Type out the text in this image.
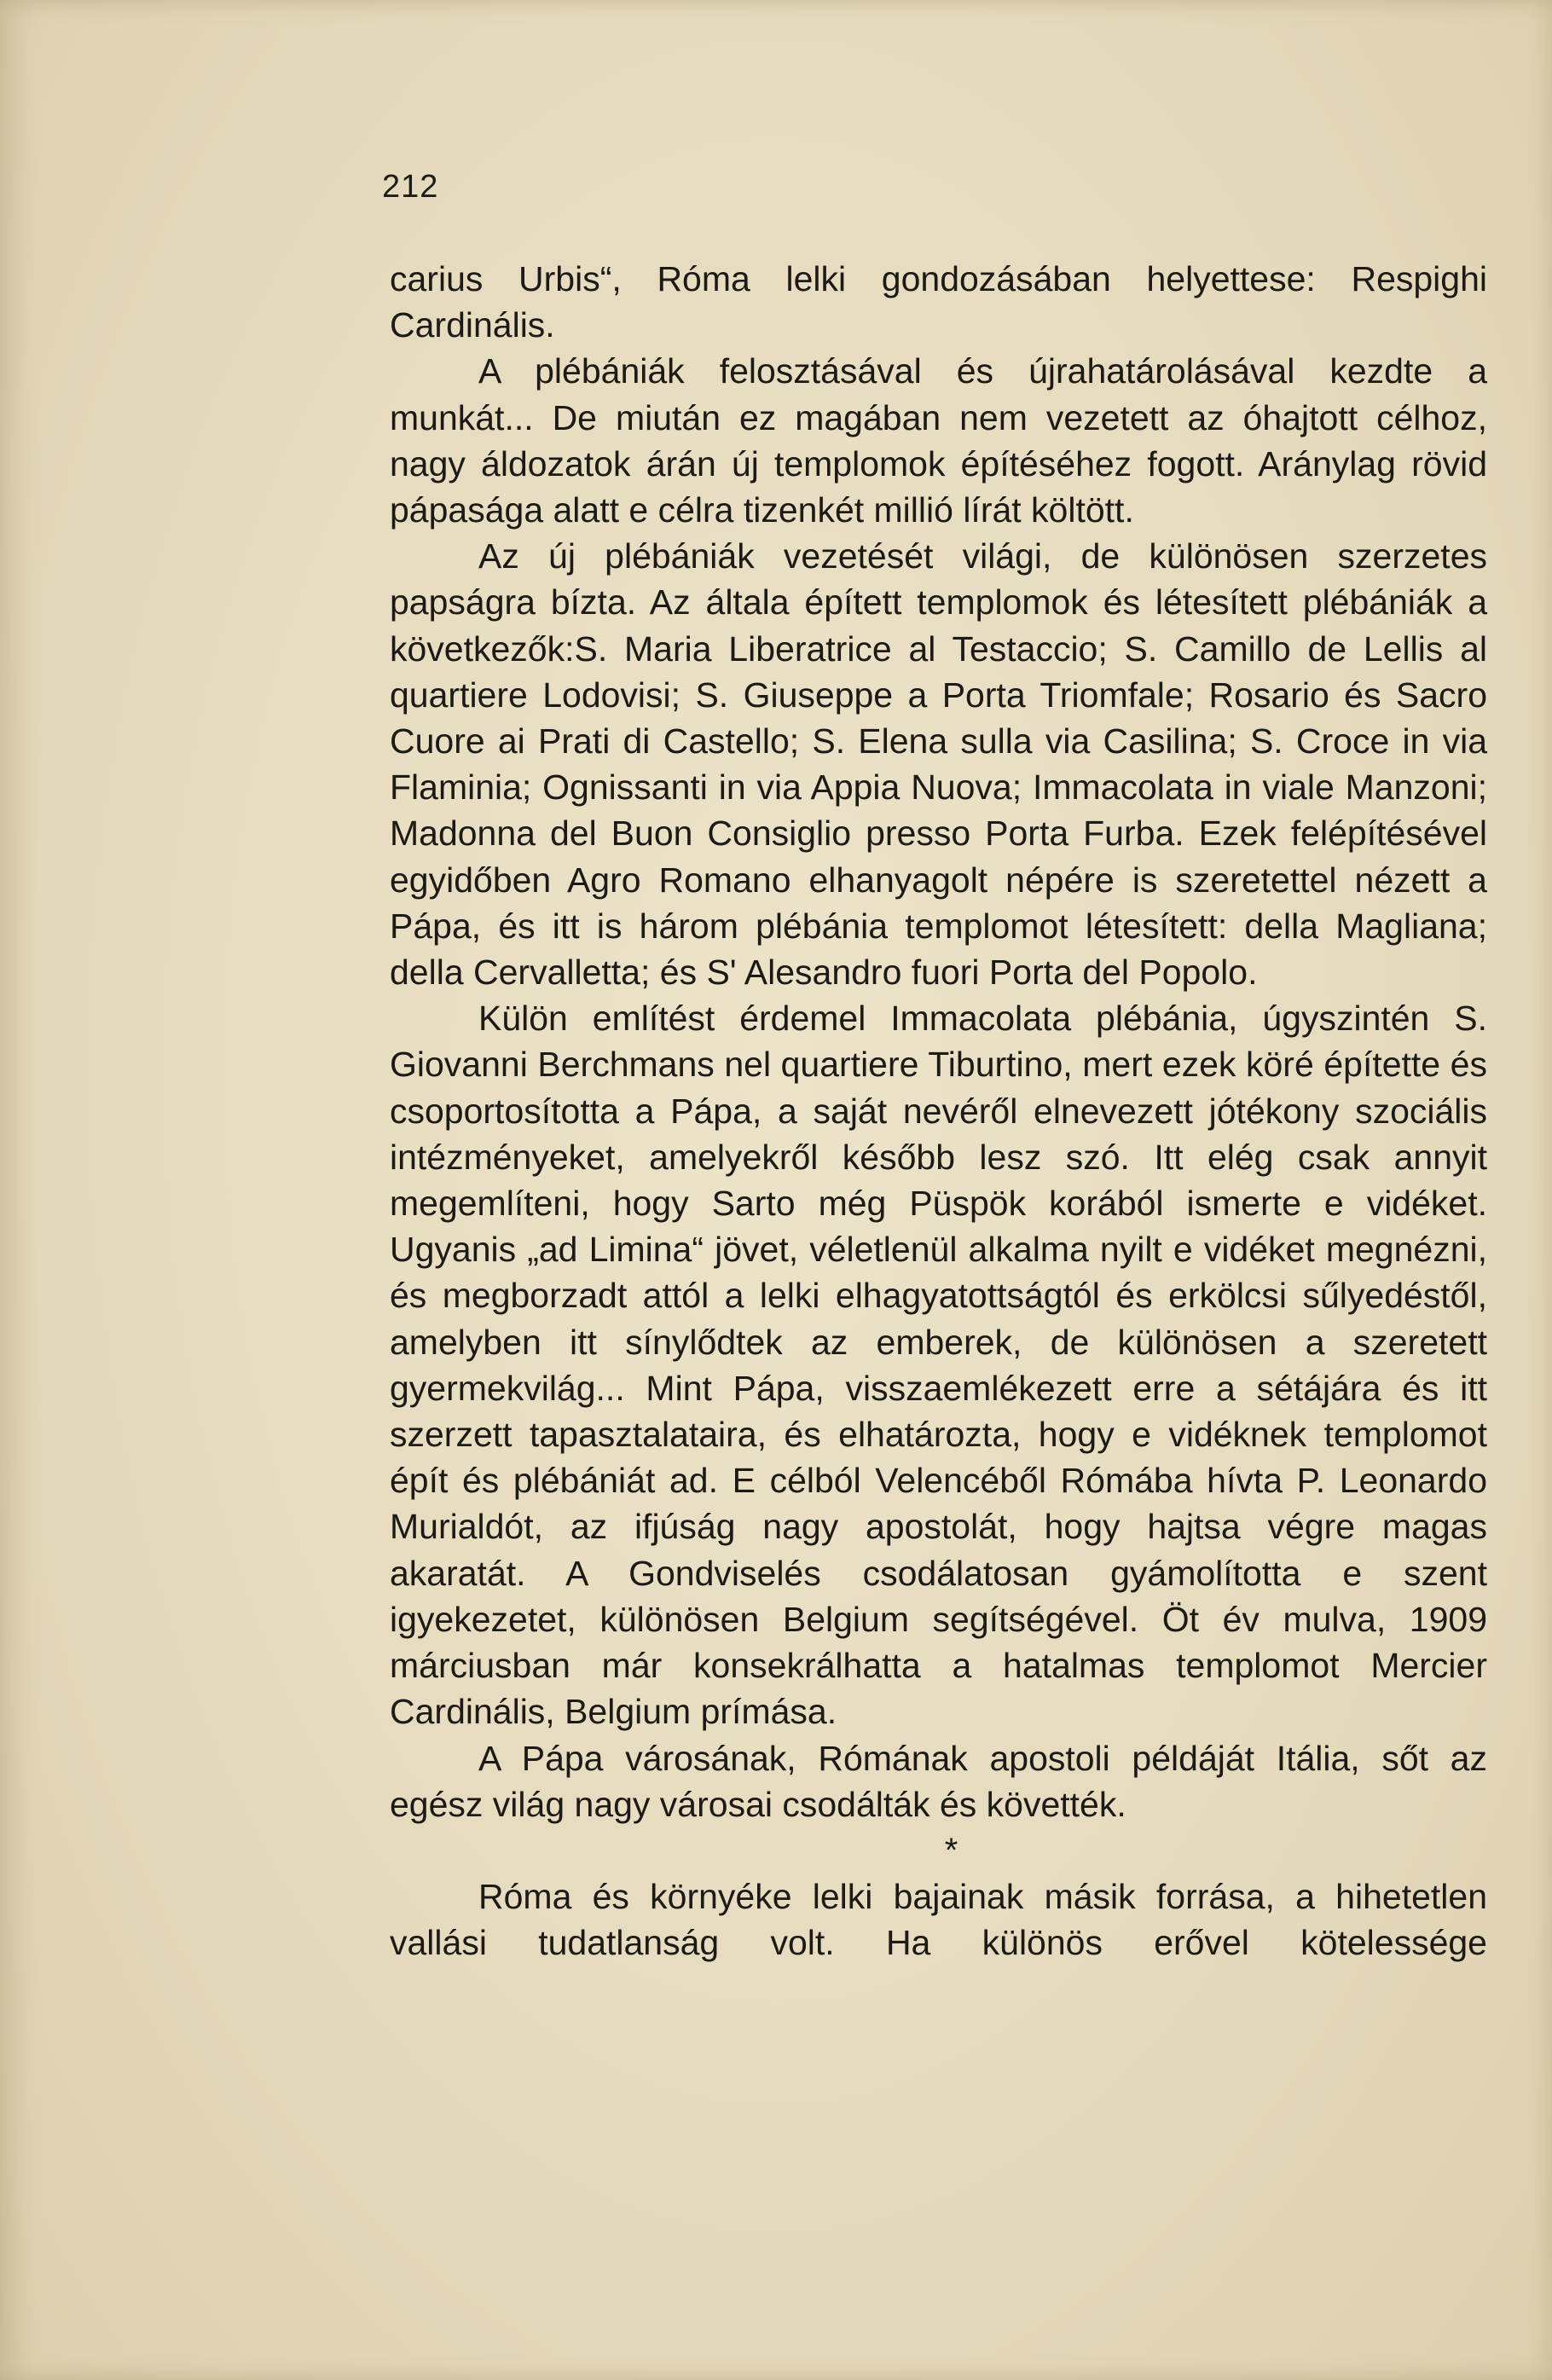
212

carius Urbis“, Róma lelki gondozásában helyettese: Respighi Cardinális.

A plébániák felosztásával és újrahatárolásával kezdte a munkát... De miután ez magában nem vezetett az óhajtott célhoz, nagy áldozatok árán új templomok építéséhez fogott. Aránylag rövid pápasága alatt e célra tizenkét millió lírát költött.

Az új plébániák vezetését világi, de különösen szerzetes papságra bízta. Az általa épített templomok és létesített plébániák a következők:S. Maria Liberatrice al Testaccio; S. Camillo de Lellis al quartiere Lodovisi; S. Giuseppe a Porta Triomfale; Rosario és Sacro Cuore ai Prati di Castello; S. Elena sulla via Casilina; S. Croce in via Flaminia; Ognissanti in via Appia Nuova; Immacolata in viale Manzoni; Madonna del Buon Consiglio presso Porta Furba. Ezek felépítésével egyidőben Agro Romano elhanyagolt népére is szeretettel nézett a Pápa, és itt is három plébánia templomot létesített: della Magliana; della Cervalletta; és S' Alesandro fuori Porta del Popolo.

Külön említést érdemel Immacolata plébánia, úgyszintén S. Giovanni Berchmans nel quartiere Tiburtino, mert ezek köré építette és csoportosította a Pápa, a saját nevéről elnevezett jótékony szociális intézményeket, amelyekről később lesz szó. Itt elég csak annyit megemlíteni, hogy Sarto még Püspök korából ismerte e vidéket. Ugyanis „ad Limina“ jövet, véletlenül alkalma nyilt e vidéket megnézni, és megborzadt attól a lelki elhagyatottságtól és erkölcsi sűlyedéstől, amelyben itt sínylődtek az emberek, de különösen a szeretett gyermekvilág... Mint Pápa, visszaemlékezett erre a sétájára és itt szerzett tapasztalataira, és elhatározta, hogy e vidéknek templomot épít és plébániát ad. E célból Velencéből Rómába hívta P. Leonardo Murialdót, az ifjúság nagy apostolát, hogy hajtsa végre magas akaratát. A Gondviselés csodálatosan gyámolította e szent igyekezetet, különösen Belgium segítségével. Öt év mulva, 1909 márciusban már konsekrálhatta a hatalmas templomot Mercier Cardinális, Belgium prímása.

A Pápa városának, Rómának apostoli példáját Itália, sőt az egész világ nagy városai csodálták és követték.

*

Róma és környéke lelki bajainak másik forrása, a hihetetlen vallási tudatlanság volt. Ha különös erővel kötelessége
